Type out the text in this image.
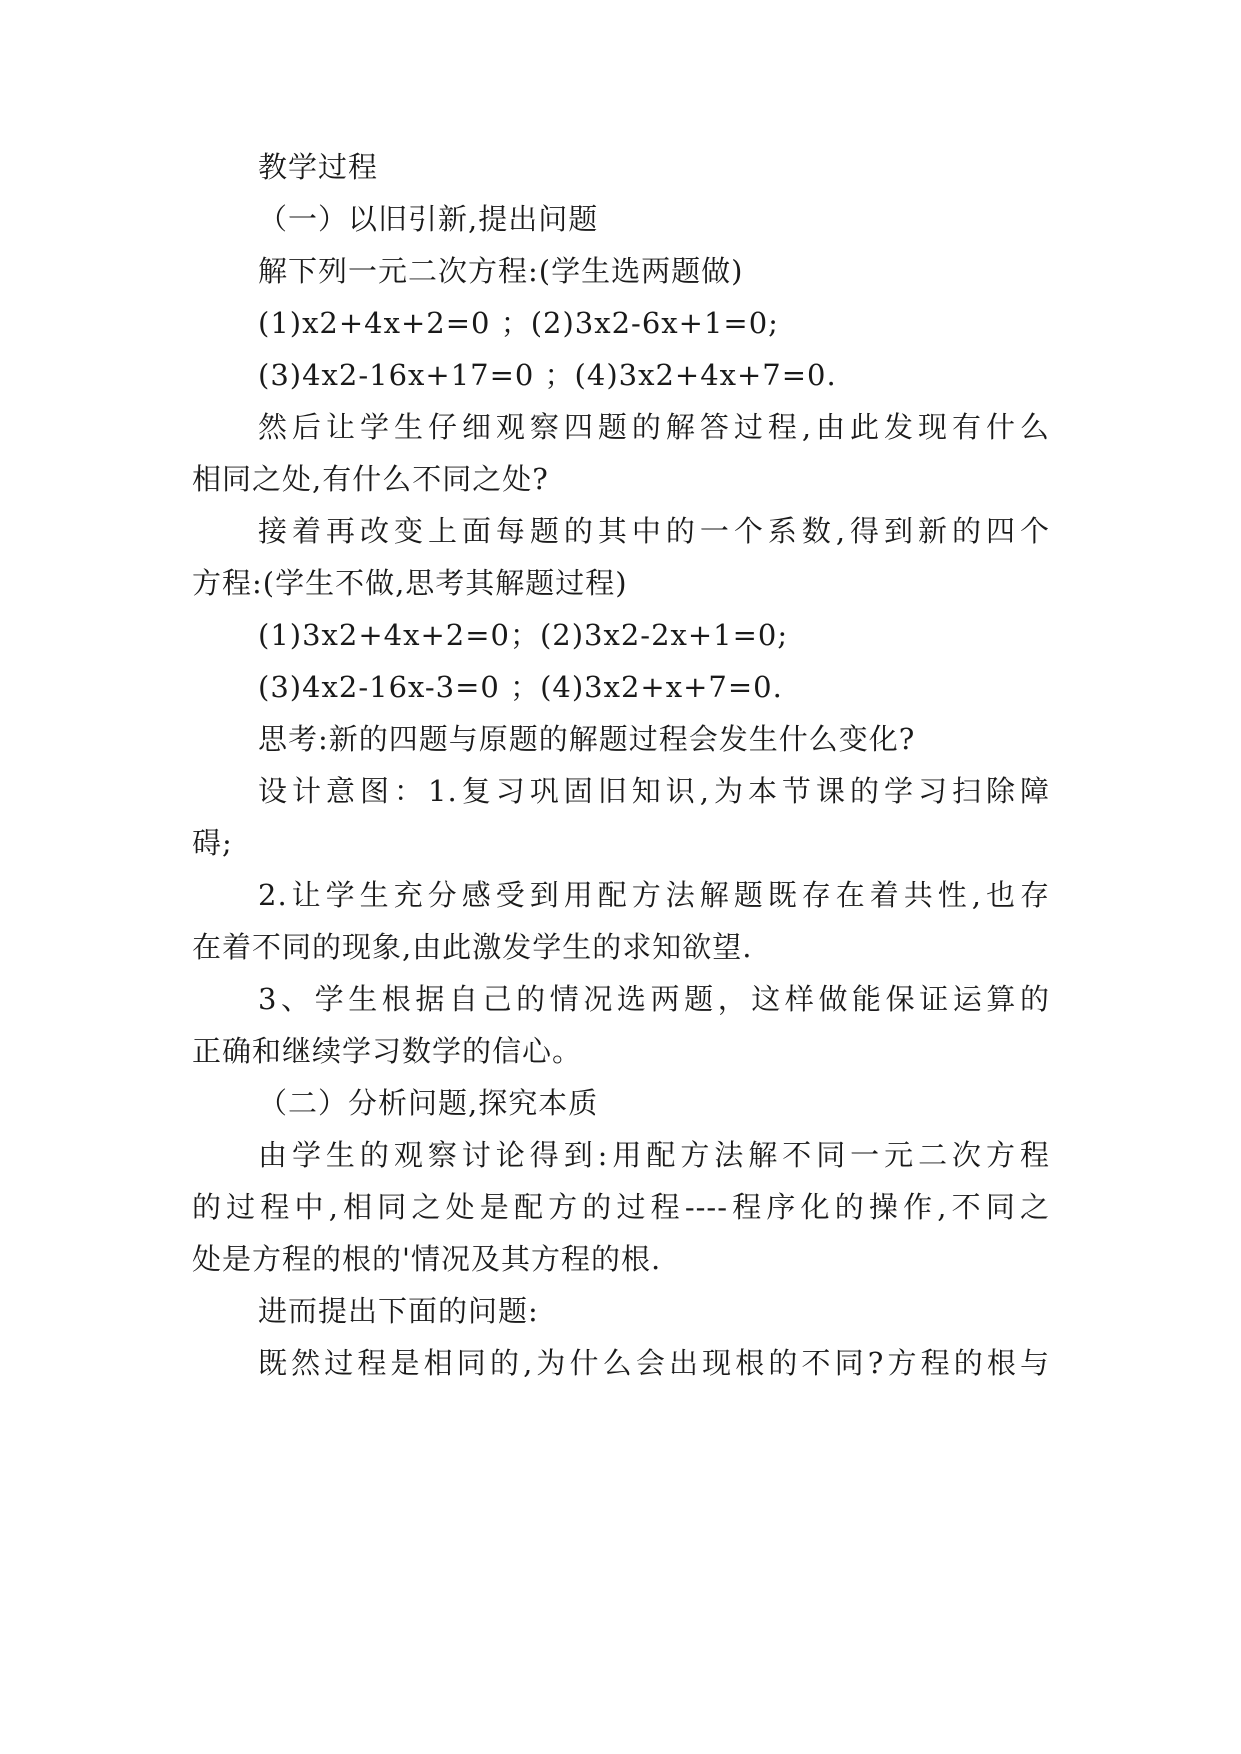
教学过程
（一）以旧引新,提出问题
解下列一元二次方程:(学生选两题做)
(1)x2+4x+2=0 ；(2)3x2-6x+1=0;
(3)4x2-16x+17=0 ；(4)3x2+4x+7=0.
然后让学生仔细观察四题的解答过程,由此发现有什么
相同之处,有什么不同之处?
接着再改变上面每题的其中的一个系数,得到新的四个
方程:(学生不做,思考其解题过程)
(1)3x2+4x+2=0；(2)3x2-2x+1=0;
(3)4x2-16x-3=0 ；(4)3x2+x+7=0.
思考:新的四题与原题的解题过程会发生什么变化?
设计意图：1.复习巩固旧知识,为本节课的学习扫除障
碍;
2.让学生充分感受到用配方法解题既存在着共性,也存
在着不同的现象,由此激发学生的求知欲望.
3、学生根据自己的情况选两题，这样做能保证运算的
正确和继续学习数学的信心。
（二）分析问题,探究本质
由学生的观察讨论得到:用配方法解不同一元二次方程
的过程中,相同之处是配方的过程----程序化的操作,不同之
处是方程的根的'情况及其方程的根.
进而提出下面的问题:
既然过程是相同的,为什么会出现根的不同?方程的根与
